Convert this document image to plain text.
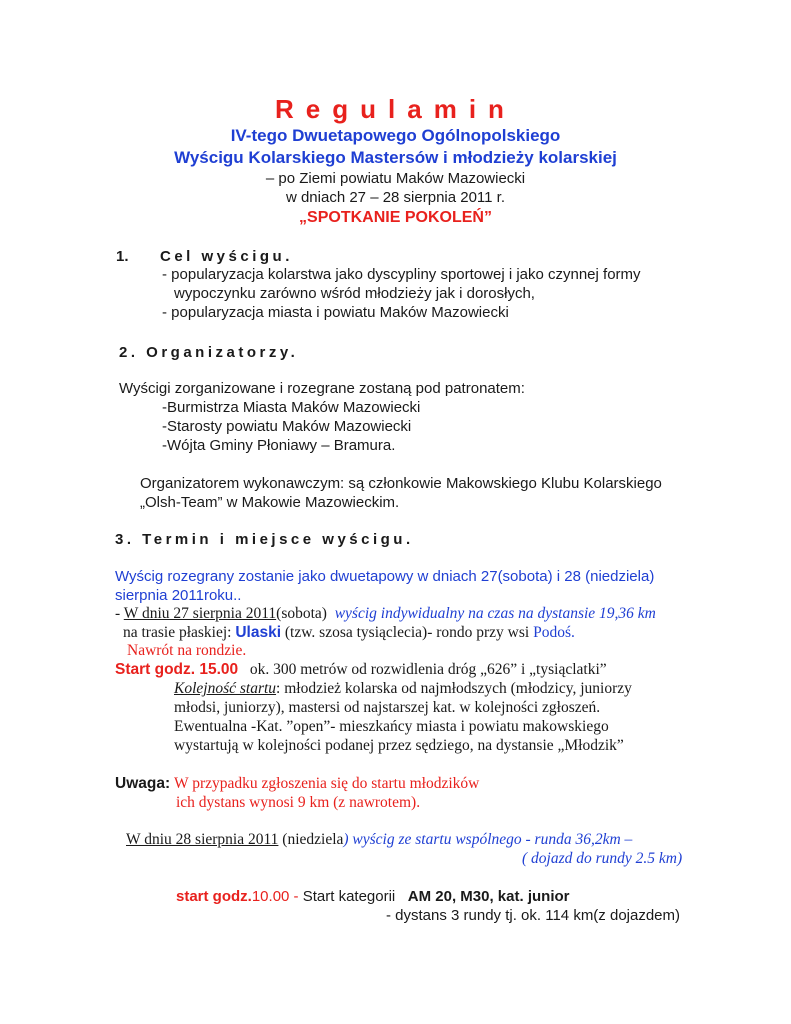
Regulamin
IV-tego Dwuetapowego Ogólnopolskiego
Wyścigu Kolarskiego Mastersów i młodzieży kolarskiej
– po Ziemi powiatu Maków Mazowiecki
w dniach 27 – 28 sierpnia 2011 r.
„SPOTKANIE POKOLEŃ”
1. Cel wyścigu.
- popularyzacja kolarstwa jako dyscypliny sportowej i jako czynnej formy
wypoczynku zarówno wśród młodzieży jak i dorosłych,
- popularyzacja miasta i powiatu Maków Mazowiecki
2. Organizatorzy.
Wyścigi zorganizowane i rozegrane zostaną pod patronatem:
-Burmistrza Miasta Maków Mazowiecki
-Starosty powiatu Maków Mazowiecki
-Wójta Gminy Płoniawy – Bramura.
Organizatorem wykonawczym: są członkowie Makowskiego Klubu Kolarskiego
„Olsh-Team” w Makowie Mazowieckim.
3. Termin i miejsce wyścigu.
Wyścig rozegrany zostanie jako dwuetapowy w dniach 27(sobota) i 28 (niedziela)
sierpnia 2011roku..
- W dniu 27 sierpnia 2011(sobota) wyścig indywidualny na czas na dystansie 19,36 km
na trasie płaskiej: Ulaski (tzw. szosa tysiąclecia)- rondo przy wsi Podoś.
Nawrót na rondzie.
Start godz. 15.00 ok. 300 metrów od rozwidlenia dróg „626” i „tysiąclatki”
Kolejność startu: młodzież kolarska od najmłodszych (młodzicy, juniorzy
młodsi, juniorzy), mastersi od najstarszej kat. w kolejności zgłoszeń.
Ewentualna -Kat. ”open”- mieszkańcy miasta i powiatu makowskiego
wystartują w kolejności podanej przez sędziego, na dystansie „Młodzik”
Uwaga: W przypadku zgłoszenia się do startu młodzików
ich dystans wynosi 9 km (z nawrotem).
W dniu 28 sierpnia 2011 (niedziela) wyścig ze startu wspólnego - runda 36,2km –
( dojazd do rundy 2.5 km)
start godz.10.00 - Start kategorii AM 20, M30, kat. junior
- dystans 3 rundy tj. ok. 114 km(z dojazdem)
